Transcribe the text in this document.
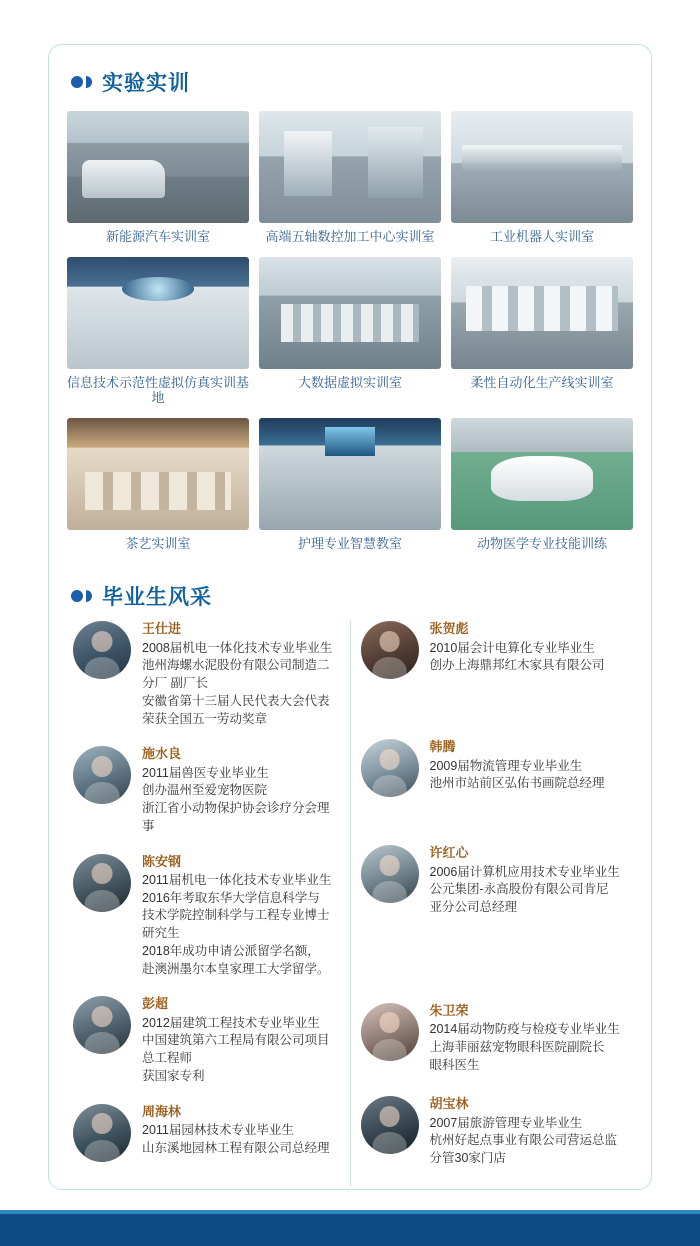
实验实训
新能源汽车实训室	高端五轴数控加工中心实训室	工业机器人实训室
信息技术示范性虚拟仿真实训基地
大数据虚拟实训室	柔性自动化生产线实训室
茶艺实训室	护理专业智慧教室	动物医学专业技能训练
毕业生风采
王仕进
2008届机电一体化技术专业毕业生
池州海螺水泥股份有限公司制造二
分厂 副厂长
安徽省第十三届人民代表大会代表
荣获全国五一劳动奖章
施水良
2011届兽医专业毕业生
创办温州至爱宠物医院
浙江省小动物保护协会诊疗分会理
事
陈安钢
2011届机电一体化技术专业毕业生
2016年考取东华大学信息科学与
技术学院控制科学与工程专业博士
研究生
2018年成功申请公派留学名额，
赴澳洲墨尔本皇家理工大学留学。
彭超
2012届建筑工程技术专业毕业生
中国建筑第六工程局有限公司项目
总工程师
获国家专利
周海林
2011届园林技术专业毕业生
山东溪地园林工程有限公司总经理
张贺彪
2010届会计电算化专业毕业生
创办上海鼎邦红木家具有限公司
韩腾
2009届物流管理专业毕业生
池州市站前区弘佑书画院总经理
许红心
2006届计算机应用技术专业毕业生
公元集团-永高股份有限公司肯尼
亚分公司总经理
朱卫荣
2014届动物防疫与检疫专业毕业生
上海菲丽兹宠物眼科医院副院长
眼科医生
胡宝林
2007届旅游管理专业毕业生
杭州好起点事业有限公司营运总监
分管30家门店
